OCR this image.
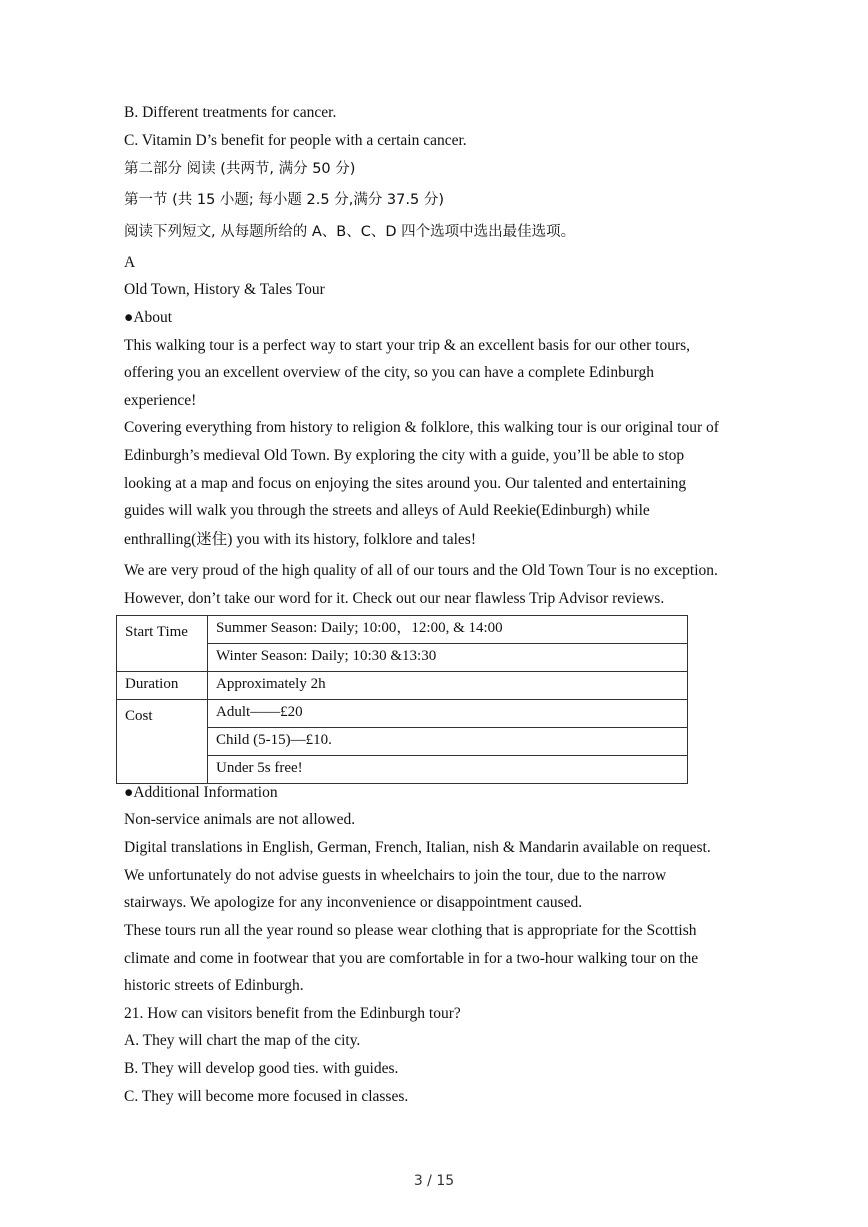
B. Different treatments for cancer.
C. Vitamin D’s benefit for people with a certain cancer.
第二部分 阅读 (共两节, 满分 50 分)
第一节 (共 15 小题; 每小题 2.5 分,满分 37.5 分)
阅读下列短文, 从每题所给的 A、B、C、D 四个选项中选出最佳选项。
A
Old Town, History & Tales Tour
●About
This walking tour is a perfect way to start your trip & an excellent basis for our other tours,
offering you an excellent overview of the city, so you can have a complete Edinburgh
experience!
Covering everything from history to religion & folklore, this walking tour is our original tour of
Edinburgh’s medieval Old Town. By exploring the city with a guide, you’ll be able to stop
looking at a map and focus on enjoying the sites around you. Our talented and entertaining
guides will walk you through the streets and alleys of Auld Reekie(Edinburgh) while
enthralling(迷住) you with its history, folklore and tales!
We are very proud of the high quality of all of our tours and the Old Town Tour is no exception.
However, don’t take our word for it. Check out our near flawless Trip Advisor reviews.
Start Time	Summer Season: Daily; 10:00，12:00, & 14:00
	Winter Season: Daily; 10:30 &13:30
Duration	Approximately 2h
Cost	Adult——£20
	Child (5-15)—£10.
	Under 5s free!
●Additional Information
Non-service animals are not allowed.
Digital translations in English, German, French, Italian, nish & Mandarin available on request.
We unfortunately do not advise guests in wheelchairs to join the tour, due to the narrow
stairways. We apologize for any inconvenience or disappointment caused.
These tours run all the year round so please wear clothing that is appropriate for the Scottish
climate and come in footwear that you are comfortable in for a two-hour walking tour on the
historic streets of Edinburgh.
21. How can visitors benefit from the Edinburgh tour?
A. They will chart the map of the city.
B. They will develop good ties. with guides.
C. They will become more focused in classes.
3 / 15
